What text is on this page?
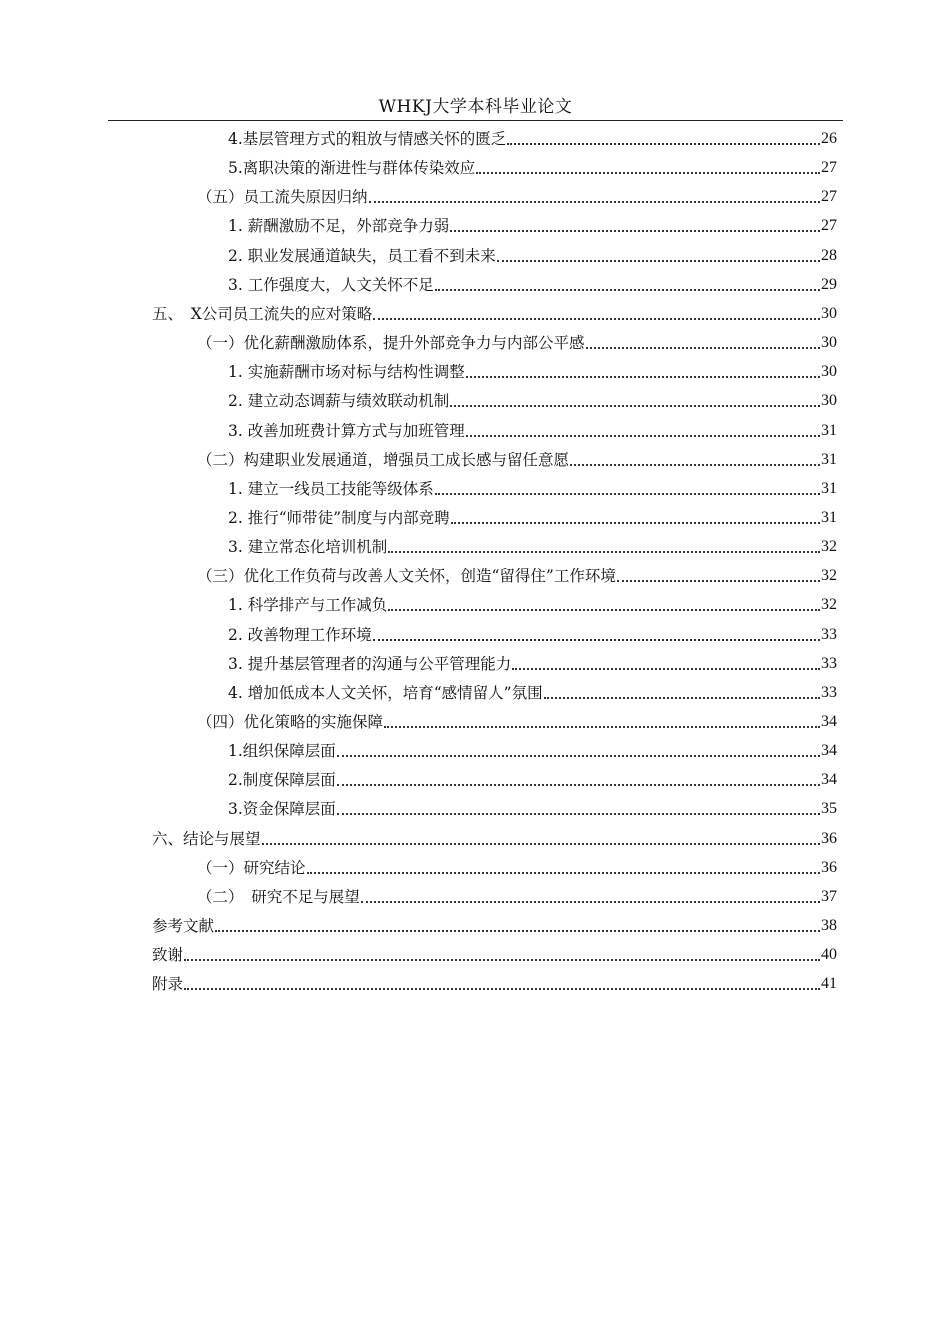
WHKJ大学本科毕业论文
4.基层管理方式的粗放与情感关怀的匮乏	26
5.离职决策的渐进性与群体传染效应	27
（五）员工流失原因归纳	27
1. 薪酬激励不足，外部竞争力弱	27
2. 职业发展通道缺失，员工看不到未来	28
3. 工作强度大，人文关怀不足	29
五、　X公司员工流失的应对策略	30
（一）优化薪酬激励体系，提升外部竞争力与内部公平感	30
1. 实施薪酬市场对标与结构性调整	30
2. 建立动态调薪与绩效联动机制	30
3. 改善加班费计算方式与加班管理	31
（二）构建职业发展通道，增强员工成长感与留任意愿	31
1. 建立一线员工技能等级体系	31
2. 推行“师带徒”制度与内部竞聘	31
3. 建立常态化培训机制	32
（三）优化工作负荷与改善人文关怀，创造“留得住”工作环境	32
1. 科学排产与工作减负	32
2. 改善物理工作环境	33
3. 提升基层管理者的沟通与公平管理能力	33
4. 增加低成本人文关怀，培育“感情留人”氛围	33
（四）优化策略的实施保障	34
1.组织保障层面	34
2.制度保障层面	34
3.资金保障层面	35
六、结论与展望	36
（一）研究结论	36
（二）　研究不足与展望	37
参考文献	38
致谢	40
附录	41
